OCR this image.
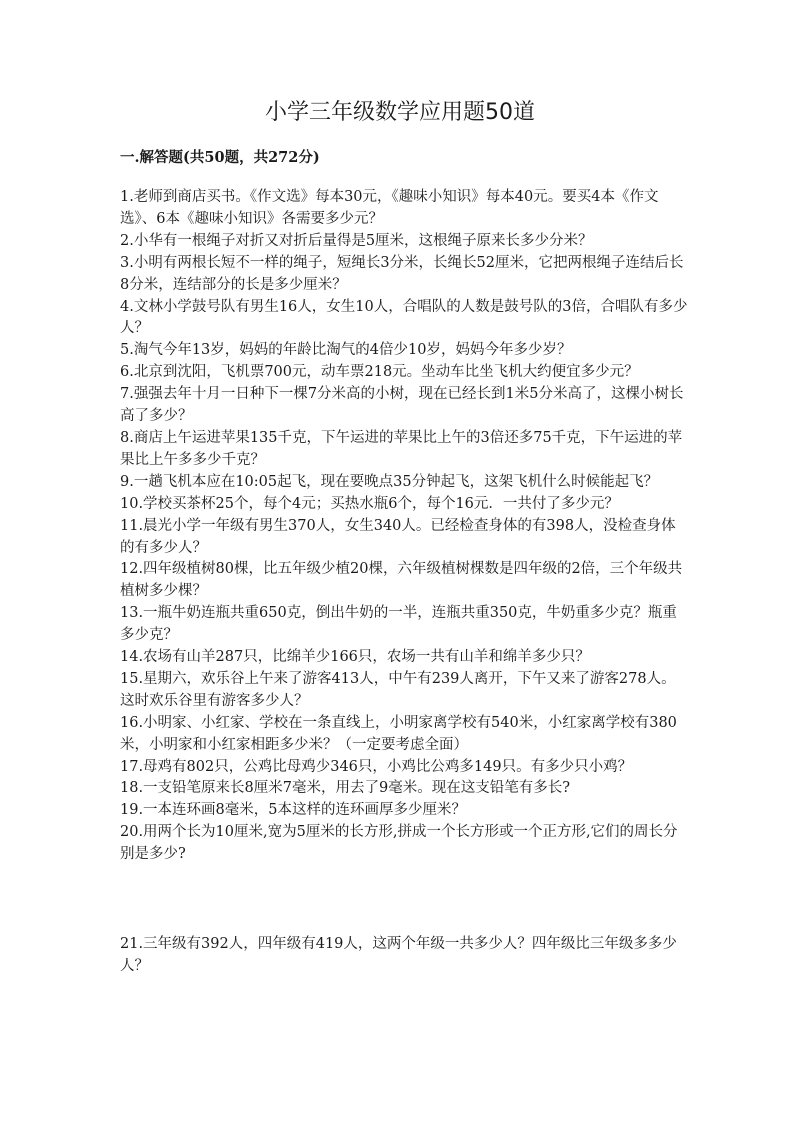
小学三年级数学应用题50道
一.解答题(共50题，共272分)

1.老师到商店买书。《作文选》每本30元，《趣味小知识》每本40元。要买4本《作文选》、6本《趣味小知识》各需要多少元？

2.小华有一根绳子对折又对折后量得是5厘米，这根绳子原来长多少分米？

3.小明有两根长短不一样的绳子，短绳长3分米，长绳长52厘米，它把两根绳子连结后长8分米，连结部分的长是多少厘米？

4.文林小学鼓号队有男生16人，女生10人，合唱队的人数是鼓号队的3倍，合唱队有多少人？

5.淘气今年13岁，妈妈的年龄比淘气的4倍少10岁，妈妈今年多少岁？

6.北京到沈阳，飞机票700元，动车票218元。坐动车比坐飞机大约便宜多少元？

7.强强去年十月一日种下一棵7分米高的小树，现在已经长到1米5分米高了，这棵小树长高了多少？

8.商店上午运进苹果135千克，下午运进的苹果比上午的3倍还多75千克，下午运进的苹果比上午多多少千克？

9.一趟飞机本应在10:05起飞，现在要晚点35分钟起飞，这架飞机什么时候能起飞？

10.学校买茶杯25个，每个4元；买热水瓶6个，每个16元．一共付了多少元？

11.晨光小学一年级有男生370人，女生340人。已经检查身体的有398人，没检查身体的有多少人？

12.四年级植树80棵，比五年级少植20棵，六年级植树棵数是四年级的2倍，三个年级共植树多少棵？

13.一瓶牛奶连瓶共重650克，倒出牛奶的一半，连瓶共重350克，牛奶重多少克？瓶重多少克？

14.农场有山羊287只，比绵羊少166只，农场一共有山羊和绵羊多少只？

15.星期六，欢乐谷上午来了游客413人，中午有239人离开，下午又来了游客278人。这时欢乐谷里有游客多少人？

16.小明家、小红家、学校在一条直线上，小明家离学校有540米，小红家离学校有380米，小明家和小红家相距多少米？（一定要考虑全面）

17.母鸡有802只，公鸡比母鸡少346只，小鸡比公鸡多149只。有多少只小鸡？

18.一支铅笔原来长8厘米7毫米，用去了9毫米。现在这支铅笔有多长?

19.一本连环画8毫米，5本这样的连环画厚多少厘米？

20.用两个长为10厘米,宽为5厘米的长方形,拼成一个长方形或一个正方形,它们的周长分别是多少?

21.三年级有392人，四年级有419人，这两个年级一共多少人？四年级比三年级多多少人？
